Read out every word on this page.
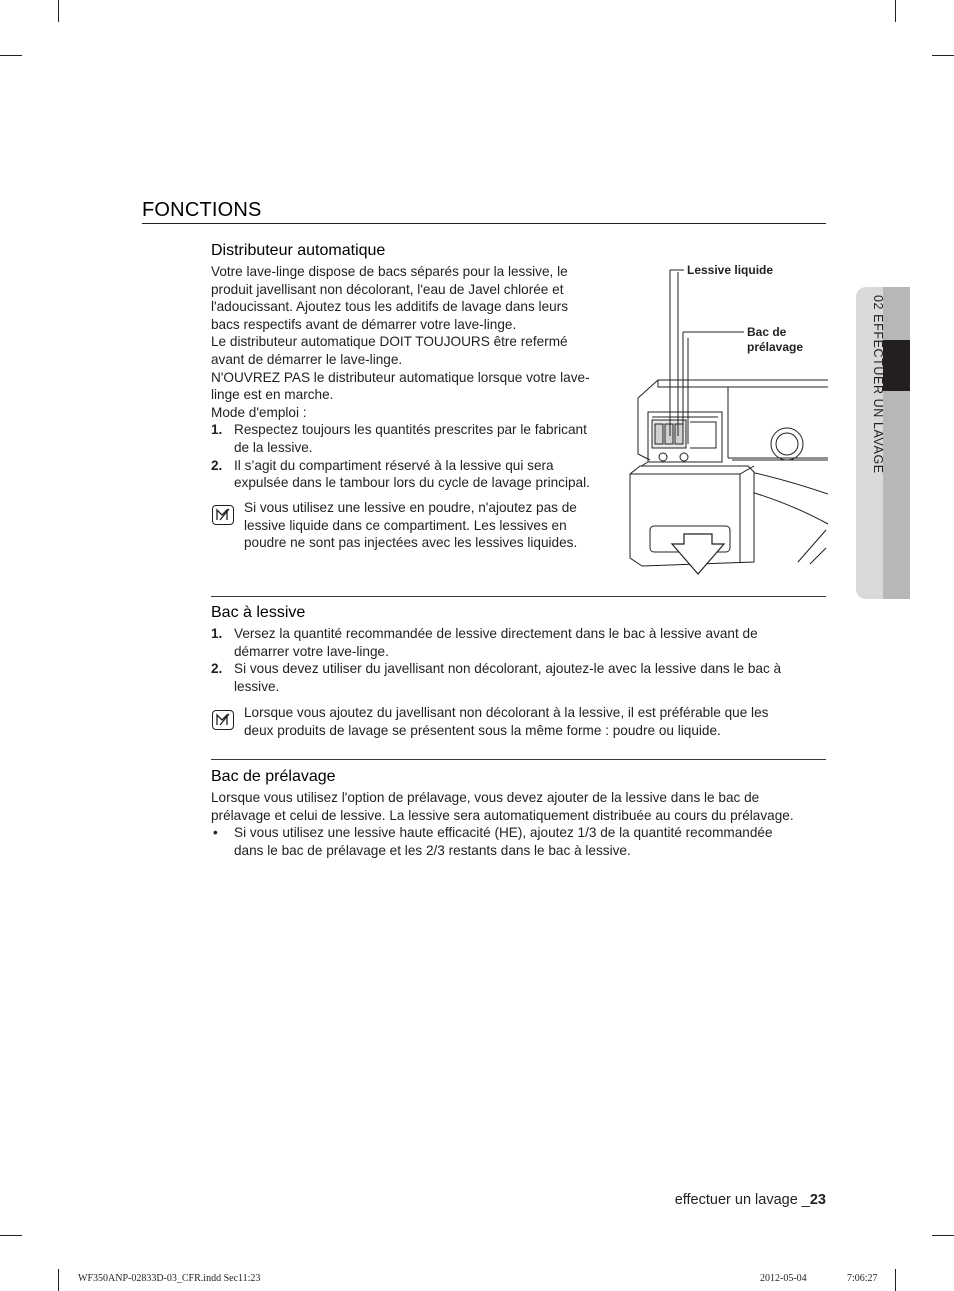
02 EFFECTUER UN LAVAGE
FONCTIONS
Distributeur automatique

Votre lave-linge dispose de bacs séparés pour la lessive, le

produit javellisant non décolorant, l'eau de Javel chlorée et

l'adoucissant. Ajoutez tous les additifs de lavage dans leurs

bacs respectifs avant de démarrer votre lave-linge.

Le distributeur automatique DOIT TOUJOURS être refermé

avant de démarrer le lave-linge.

N'OUVREZ PAS le distributeur automatique lorsque votre lave-

linge est en marche.

Mode d'emploi :

1. Respectez toujours les quantités prescrites par le fabricant

de la lessive.

2. Il s’agit du compartiment réservé à la lessive qui sera

expulsée dans le tambour lors du cycle de lavage principal.

Si vous utilisez une lessive en poudre, n'ajoutez pas de

lessive liquide dans ce compartiment. Les lessives en

poudre ne sont pas injectées avec les lessives liquides.

Lessive liquide
Bac de
prélavage
Bac à lessive
1. Versez la quantité recommandée de lessive directement dans le bac à lessive avant de

démarrer votre lave-linge.

2. Si vous devez utiliser du javellisant non décolorant, ajoutez-le avec la lessive dans le bac à

lessive.

Lorsque vous ajoutez du javellisant non décolorant à la lessive, il est préférable que les

deux produits de lavage se présentent sous la même forme : poudre ou liquide.

Bac de prélavage

Lorsque vous utilisez l'option de prélavage, vous devez ajouter de la lessive dans le bac de

prélavage et celui de lessive. La lessive sera automatiquement distribuée au cours du prélavage.

• Si vous utilisez une lessive haute efficacité (HE), ajoutez 1/3 de la quantité recommandée

dans le bac de prélavage et les 2/3 restants dans le bac à lessive.

effectuer un lavage _23
WF350ANP-02833D-03_CFR.indd Sec11:23	2012-05-04	7:06:27
